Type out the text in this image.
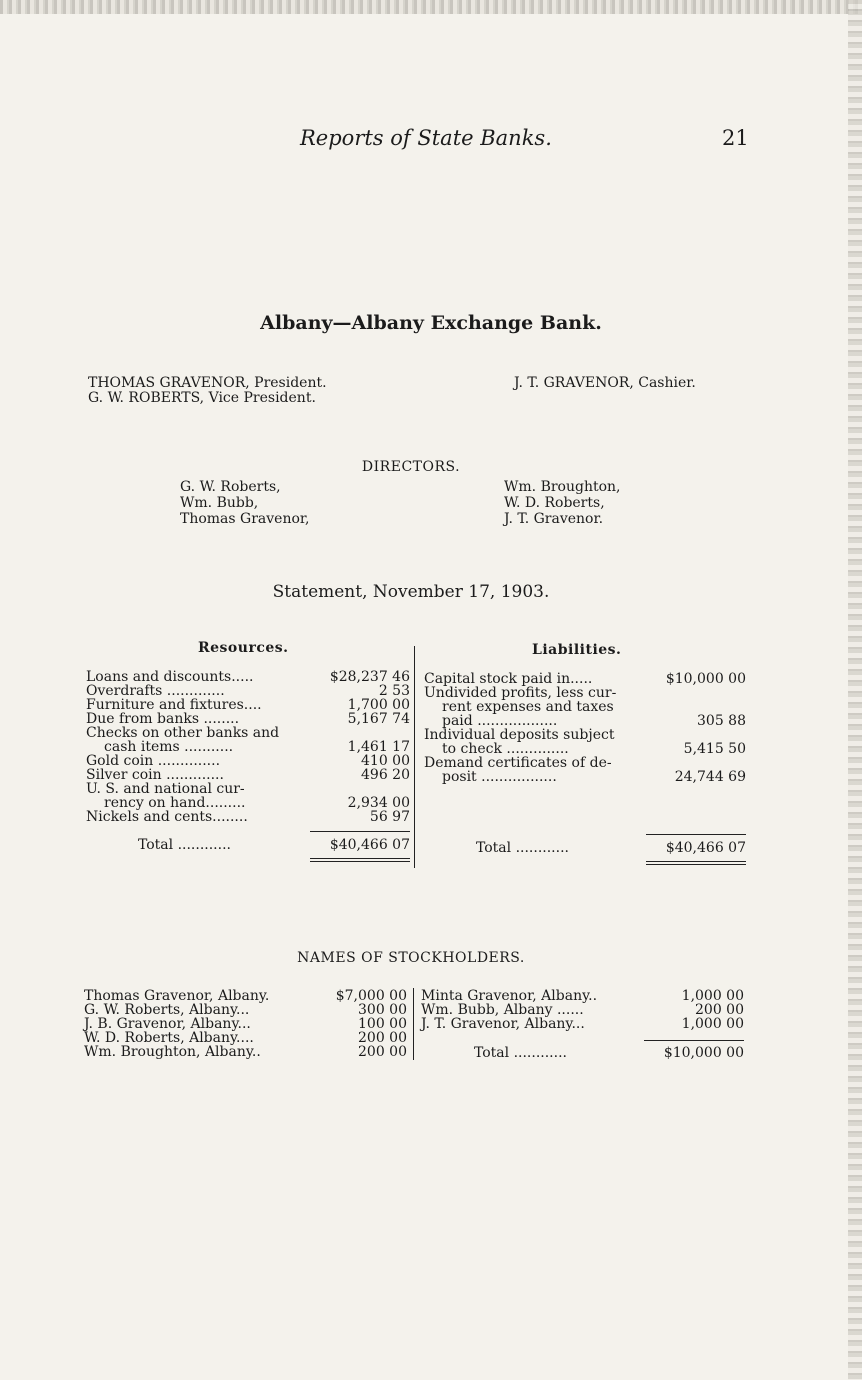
Reports of State Banks.	21
Albany—Albany Exchange Bank.
THOMAS GRAVENOR, President.
G. W. ROBERTS, Vice President.
J. T. GRAVENOR, Cashier.
DIRECTORS.
G. W. Roberts,
Wm. Bubb,
Thomas Gravenor,
Wm. Broughton,
W. D. Roberts,
J. T. Gravenor.
Statement, November 17, 1903.
Resources.	Liabilities.
Loans and discounts.....	$28,237 46
Overdrafts .............	2 53
Furniture and fixtures....	1,700 00
Due from banks ........	5,167 74
Checks on other banks and
cash items ...........	1,461 17
Gold coin ..............	410 00
Silver coin .............	496 20
U. S. and national cur-
rency on hand.........	2,934 00
Nickels and cents........	56 97
Total ............	$40,466 07
Capital stock paid in.....	$10,000 00
Undivided profits, less cur-
rent expenses and taxes
paid ..................	305 88
Individual deposits subject
to check ..............	5,415 50
Demand certificates of de-
posit .................	24,744 69
Total ............	$40,466 07
NAMES OF STOCKHOLDERS.
Thomas Gravenor, Albany.	$7,000 00
G. W. Roberts, Albany...	300 00
J. B. Gravenor, Albany...	100 00
W. D. Roberts, Albany....	200 00
Wm. Broughton, Albany..	200 00
Minta Gravenor, Albany..	1,000 00
Wm. Bubb, Albany ......	200 00
J. T. Gravenor, Albany...	1,000 00
Total ............	$10,000 00
